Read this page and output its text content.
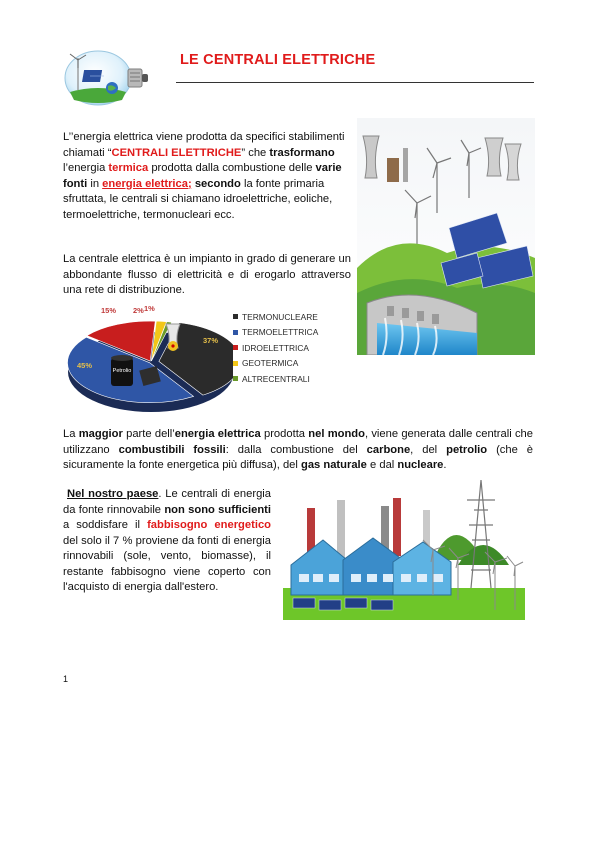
LE CENTRALI ELETTRICHE

L’’energia elettrica viene prodotta da specifici stabilimenti chiamati “CENTRALI ELETTRICHE” che trasformano l’energia termica prodotta dalla combustione delle varie fonti in energia elettrica; secondo la fonte primaria sfruttata, le centrali si chiamano idroelettriche, eoliche, termoelettriche, termonucleari ecc.

La centrale elettrica è un impianto in grado di generare un abbondante flusso di elettricità e di erogarlo attraverso una rete di distribuzione.

Petrolio
37%
45%
15% 2% 1%
TERMONUCLEARE
TERMOELETTRICA
IDROELETTRICA
GEOTERMICA
ALTRECENTRALI

La maggior parte dell’energia elettrica prodotta nel mondo, viene generata dalle centrali che utilizzano combustibili fossili: dalla combustione del carbone, del petrolio (che è sicuramente la fonte energetica più diffusa), del gas naturale e dal nucleare.

Nel nostro paese. Le centrali di energia da fonte rinnovabile non sono sufficienti a soddisfare il fabbisogno energetico del solo il 7 % proviene da fonti di energia rinnovabili (sole, vento, biomasse), il restante fabbisogno viene coperto con l'acquisto di energia dall'estero.

1
